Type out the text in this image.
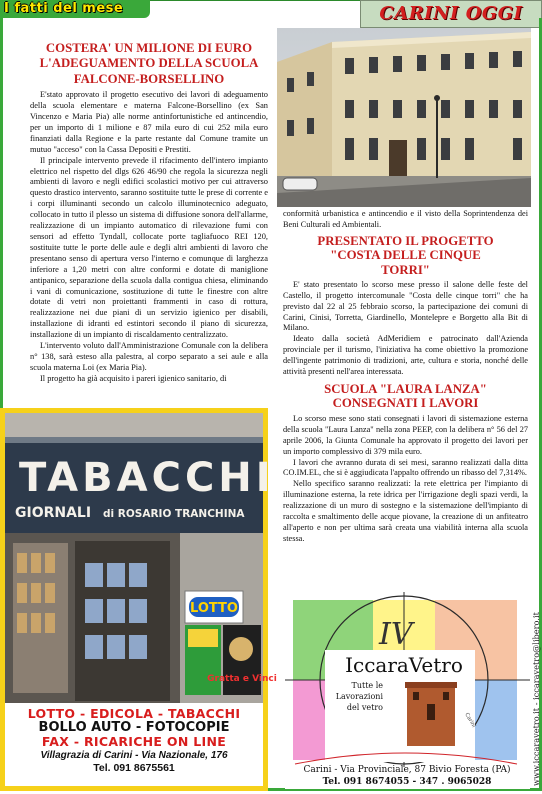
I fatti del mese	CARINI OGGI
COSTERA' UN MILIONE DI EURO L'ADEGUAMENTO DELLA SCUOLA FALCONE-BORSELLINO

E'stato approvato il progetto esecutivo dei lavori di adeguamento della scuola elementare e materna Falcone-Borsellino (ex San Vincenzo e Maria Pia) alle norme antinfortunistiche ed antincendio, per un importo di 1 milione e 87 mila euro di cui 252 mila euro finanziati dalla Regione e la parte restante dal Comune tramite un mutuo "acceso" con la Cassa Depositi e Prestiti.

Il principale intervento prevede il rifacimento dell'intero impianto elettrico nel rispetto del dlgs 626 46/90 che regola la sicurezza negli ambienti di lavoro e negli edifici scolastici motivo per cui attraverso questo drastico intervento, saranno sostituite tutte le prese di corrente e i corpi illuminanti secondo un calcolo illuminotecnico adeguato, collocato in tutto il plesso un sistema di diffusione sonora dell'allarme, realizzazione di un impianto automatico di rilevazione fumi con sensori ad effetto Tyndall, collocate porte tagliafuoco REI 120, sostituite tutte le porte delle aule e degli altri ambienti di lavoro che presentano senso di apertura verso l'interno e comunque di larghezza inferiore a 1,20 metri con altre conformi e dotate di maniglione antipanico, separazione della scuola dalla contigua chiesa, eliminando i vani di comunicazione, sostituzione di tutte le finestre con altre dotate di vetri non proiettanti frammenti in caso di rottura, realizzazione nei due piani di un servizio igienico per disabili, installazione di idranti ed estintori secondo il piano di sicurezza, installazione di un impianto di riscaldamento centralizzato.

L'intervento voluto dall'Amministrazione Comunale con la delibera n° 138, sarà esteso alla palestra, al corpo separato a sei aule e alla scuola materna Loi (ex Maria Pia).

Il progetto ha già acquisito i pareri igienico sanitario, di

conformità urbanistica e antincendio e il visto della Soprintendenza dei Beni Culturali ed Ambientali.

PRESENTATO IL PROGETTO "COSTA DELLE CINQUE TORRI"

E' stato presentato lo scorso mese presso il salone delle feste del Castello, il progetto intercomunale "Costa delle cinque torri" che ha previsto dal 22 al 25 febbraio scorso, la partecipazione dei comuni di Carini, Cinisi, Torretta, Giardinello, Montelepre e Borgetto alla Bit di Milano.

Ideato dalla società AdMeridiem e patrocinato dall'Azienda provinciale per il turismo, l'iniziativa ha come obiettivo la promozione dell'ingente patrimonio di tradizioni, arte, cultura e storia, nonché delle attività presenti nell'area interessata.

SCUOLA "LAURA LANZA" CONSEGNATI I LAVORI

Lo scorso mese sono stati consegnati i lavori di sistemazione esterna della scuola "Laura Lanza" nella zona PEEP, con la delibera n° 56 del 27 aprile 2006, la Giunta Comunale ha approvato il progetto dei lavori per un importo complessivo di 379 mila euro.

I lavori che avranno durata di sei mesi, saranno realizzati dalla ditta CO.IM.EL, che si è aggiudicata l'appalto offrendo un ribasso del 7,314%.

Nello specifico saranno realizzati: la rete elettrica per l'impianto di illuminazione esterna, la rete idrica per l'irrigazione degli spazi verdi, la realizzazione di un muro di sostegno e la sistemazione dell'impianto di raccolta e smaltimento delle acque piovane, la creazione di un anfiteatro all'aperto e non per ultima sarà creata una viabilità interna alla scuola stessa.

TABACCHI
GIORNALI di ROSARIO TRANCHINA
LOTTO
Gratta e Vinci
LOTTO - EDICOLA - TABACCHI
BOLLO AUTO - FOTOCOPIE
FAX - RICARICHE ON LINE
Villagrazia di Carini - Via Nazionale, 176
Tel. 091 8675561
IV
IccaraVetro
Tutte le
Lavorazioni
del vetro
Carini
Carini - Via Provinciale, 87 Bivio Foresta (PA)
Tel. 091 8674055 - 347 . 9065028	www.iccaravetro.it - iccaravetro@libero.it
